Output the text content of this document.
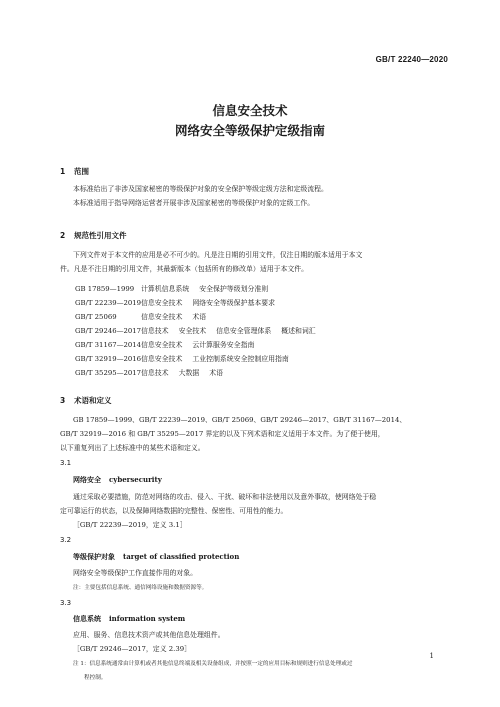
GB/T 22240—2020
信息安全技术
网络安全等级保护定级指南
1 范围
本标准给出了非涉及国家秘密的等级保护对象的安全保护等级定级方法和定级流程。
本标准适用于指导网络运营者开展非涉及国家秘密的等级保护对象的定级工作。
2 规范性引用文件
下列文件对于本文件的应用是必不可少的。凡是注日期的引用文件，仅注日期的版本适用于本文
件。凡是不注日期的引用文件，其最新版本（包括所有的修改单）适用于本文件。
GB 17859—1999 计算机信息系统 安全保护等级划分准则
GB/T 22239—2019信息安全技术 网络安全等级保护基本要求
GB/T 25069	信息安全技术 术语
GB/T 29246—2017信息技术 安全技术 信息安全管理体系 概述和词汇
GB/T 31167—2014信息安全技术 云计算服务安全指南
GB/T 32919—2016信息安全技术 工业控制系统安全控制应用指南
GB/T 35295—2017信息技术 大数据 术语
3 术语和定义
GB 17859—1999、GB/T 22239—2019、GB/T 25069、GB/T 29246—2017、GB/T 31167—2014、
GB/T 32919—2016 和 GB/T 35295—2017 界定的以及下列术语和定义适用于本文件。为了便于使用，
以下重复列出了上述标准中的某些术语和定义。
3.1
网络安全 cybersecurity
通过采取必要措施，防范对网络的攻击、侵入、干扰、破坏和非法使用以及意外事故，使网络处于稳
定可靠运行的状态，以及保障网络数据的完整性、保密性、可用性的能力。
［GB/T 22239—2019，定义 3.1］
3.2
等级保护对象 target of classified protection
网络安全等级保护工作直接作用的对象。
注：主要包括信息系统、通信网络设施和数据资源等。
3.3
信息系统 information system
应用、服务、信息技术资产或其他信息处理组件。
［GB/T 29246—2017，定义 2.39］
注 1：信息系统通常由计算机或者其他信息终端及相关设备组成，并按照一定的应用目标和规则进行信息处理或过
程控制。
1
